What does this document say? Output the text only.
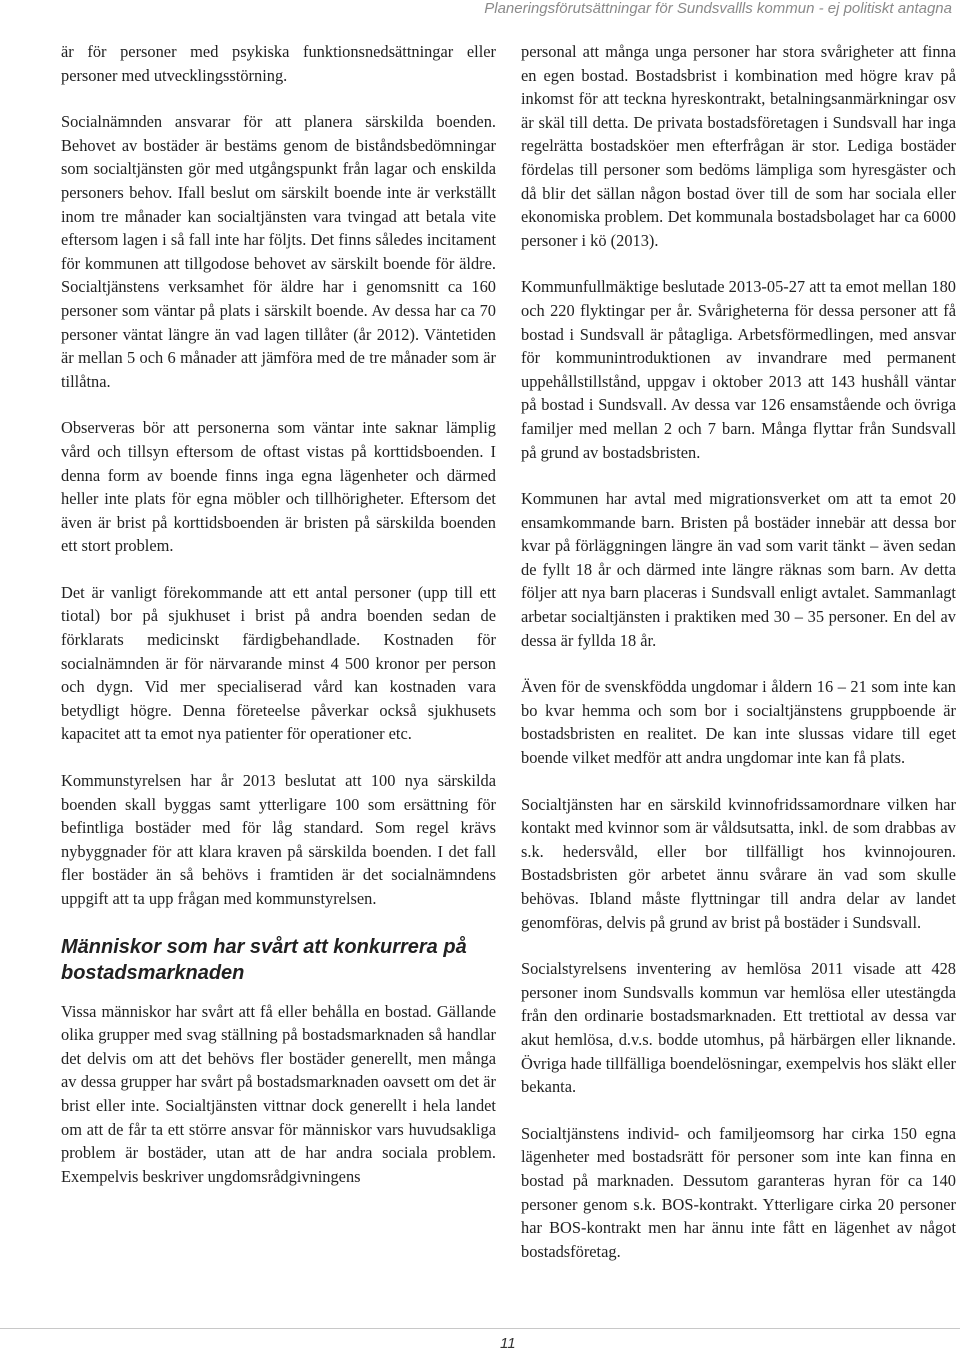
Planeringsförutsättningar för Sundsvallls kommun - ej politiskt antagna

är för personer med psykiska funktionsnedsättningar eller personer med utvecklingsstörning.

Socialnämnden ansvarar för att planera särskilda boenden. Behovet av bostäder är bestäms genom de biståndsbedömningar som socialtjänsten gör med utgångspunkt från lagar och enskilda personers behov. Ifall beslut om särskilt boende inte är verkställt inom tre månader kan socialtjänsten vara tvingad att betala vite eftersom lagen i så fall inte har följts. Det finns således incitament för kommunen att tillgodose behovet av särskilt boende för äldre. Socialtjänstens verksamhet för äldre har i genomsnitt ca 160 personer som väntar på plats i särskilt boende. Av dessa har ca 70 personer väntat längre än vad lagen tillåter (år 2012). Väntetiden är mellan 5 och 6 månader att jämföra med de tre månader som är tillåtna.

Observeras bör att personerna som väntar inte saknar lämplig vård och tillsyn eftersom de oftast vistas på korttidsboenden. I denna form av boende finns inga egna lägenheter och därmed heller inte plats för egna möbler och tillhörigheter. Eftersom det även är brist på korttidsboenden är bristen på särskilda boenden ett stort problem.

Det är vanligt förekommande att ett antal personer (upp till ett tiotal) bor på sjukhuset i brist på andra boenden sedan de förklarats medicinskt färdigbehandlade. Kostnaden för socialnämnden är för närvarande minst 4 500 kronor per person och dygn. Vid mer specialiserad vård kan kostnaden vara betydligt högre. Denna företeelse påverkar också sjukhusets kapacitet att ta emot nya patienter för operationer etc.

Kommunstyrelsen har år 2013 beslutat att 100 nya särskilda boenden skall byggas samt ytterligare 100 som ersättning för befintliga bostäder med för låg standard. Som regel krävs nybyggnader för att klara kraven på särskilda boenden. I det fall fler bostäder än så behövs i framtiden är det socialnämndens uppgift att ta upp frågan med kommunstyrelsen.

Människor som har svårt att konkurrera på bostadsmarknaden

Vissa människor har svårt att få eller behålla en bostad. Gällande olika grupper med svag ställning på bostadsmarknaden så handlar det delvis om att det behövs fler bostäder generellt, men många av dessa grupper har svårt på bostadsmarknaden oavsett om det är brist eller inte. Socialtjänsten vittnar dock generellt i hela landet om att de får ta ett större ansvar för människor vars huvudsakliga problem är bostäder, utan att de har andra sociala problem. Exempelvis beskriver ungdomsrådgivningens

personal att många unga personer har stora svårigheter att finna en egen bostad. Bostadsbrist i kombination med högre krav på inkomst för att teckna hyreskontrakt, betalningsanmärkningar osv är skäl till detta. De privata bostadsföretagen i Sundsvall har inga regelrätta bostadsköer men efterfrågan är stor. Lediga bostäder fördelas till personer som bedöms lämpliga som hyresgäster och då blir det sällan någon bostad över till de som har sociala eller ekonomiska problem. Det kommunala bostadsbolaget har ca 6000 personer i kö (2013).

Kommunfullmäktige beslutade 2013-05-27 att ta emot mellan 180 och 220 flyktingar per år. Svårigheterna för dessa personer att få bostad i Sundsvall är påtagliga. Arbetsförmedlingen, med ansvar för kommunintroduktionen av invandrare med permanent uppehållstillstånd, uppgav i oktober 2013 att 143 hushåll väntar på bostad i Sundsvall. Av dessa var 126 ensamstående och övriga familjer med mellan 2 och 7 barn. Många flyttar från Sundsvall på grund av bostadsbristen.

Kommunen har avtal med migrationsverket om att ta emot 20 ensamkommande barn. Bristen på bostäder innebär att dessa bor kvar på förläggningen längre än vad som varit tänkt – även sedan de fyllt 18 år och därmed inte längre räknas som barn. Av detta följer att nya barn placeras i Sundsvall enligt avtalet. Sammanlagt arbetar socialtjänsten i praktiken med 30 – 35 personer. En del av dessa är fyllda 18 år.

Även för de svenskfödda ungdomar i åldern 16 – 21 som inte kan bo kvar hemma och som bor i socialtjänstens gruppboende är bostadsbristen en realitet. De kan inte slussas vidare till eget boende vilket medför att andra ungdomar inte kan få plats.

Socialtjänsten har en särskild kvinnofridssamordnare vilken har kontakt med kvinnor som är våldsutsatta, inkl. de som drabbas av s.k. hedersvåld, eller bor tillfälligt hos kvinnojouren. Bostadsbristen gör arbetet ännu svårare än vad som skulle behövas. Ibland måste flyttningar till andra delar av landet genomföras, delvis på grund av brist på bostäder i Sundsvall.

Socialstyrelsens inventering av hemlösa 2011 visade att 428 personer inom Sundsvalls kommun var hemlösa eller utestängda från den ordinarie bostadsmarknaden. Ett trettiotal av dessa var akut hemlösa, d.v.s. bodde utomhus, på härbärgen eller liknande. Övriga hade tillfälliga boendelösningar, exempelvis hos släkt eller bekanta.

Socialtjänstens individ- och familjeomsorg har cirka 150 egna lägenheter med bostadsrätt för personer som inte kan finna en bostad på marknaden. Dessutom garanteras hyran för ca 140 personer genom s.k. BOS-kontrakt. Ytterligare cirka 20 personer har BOS-kontrakt men har ännu inte fått en lägenhet av något bostadsföretag.

11
